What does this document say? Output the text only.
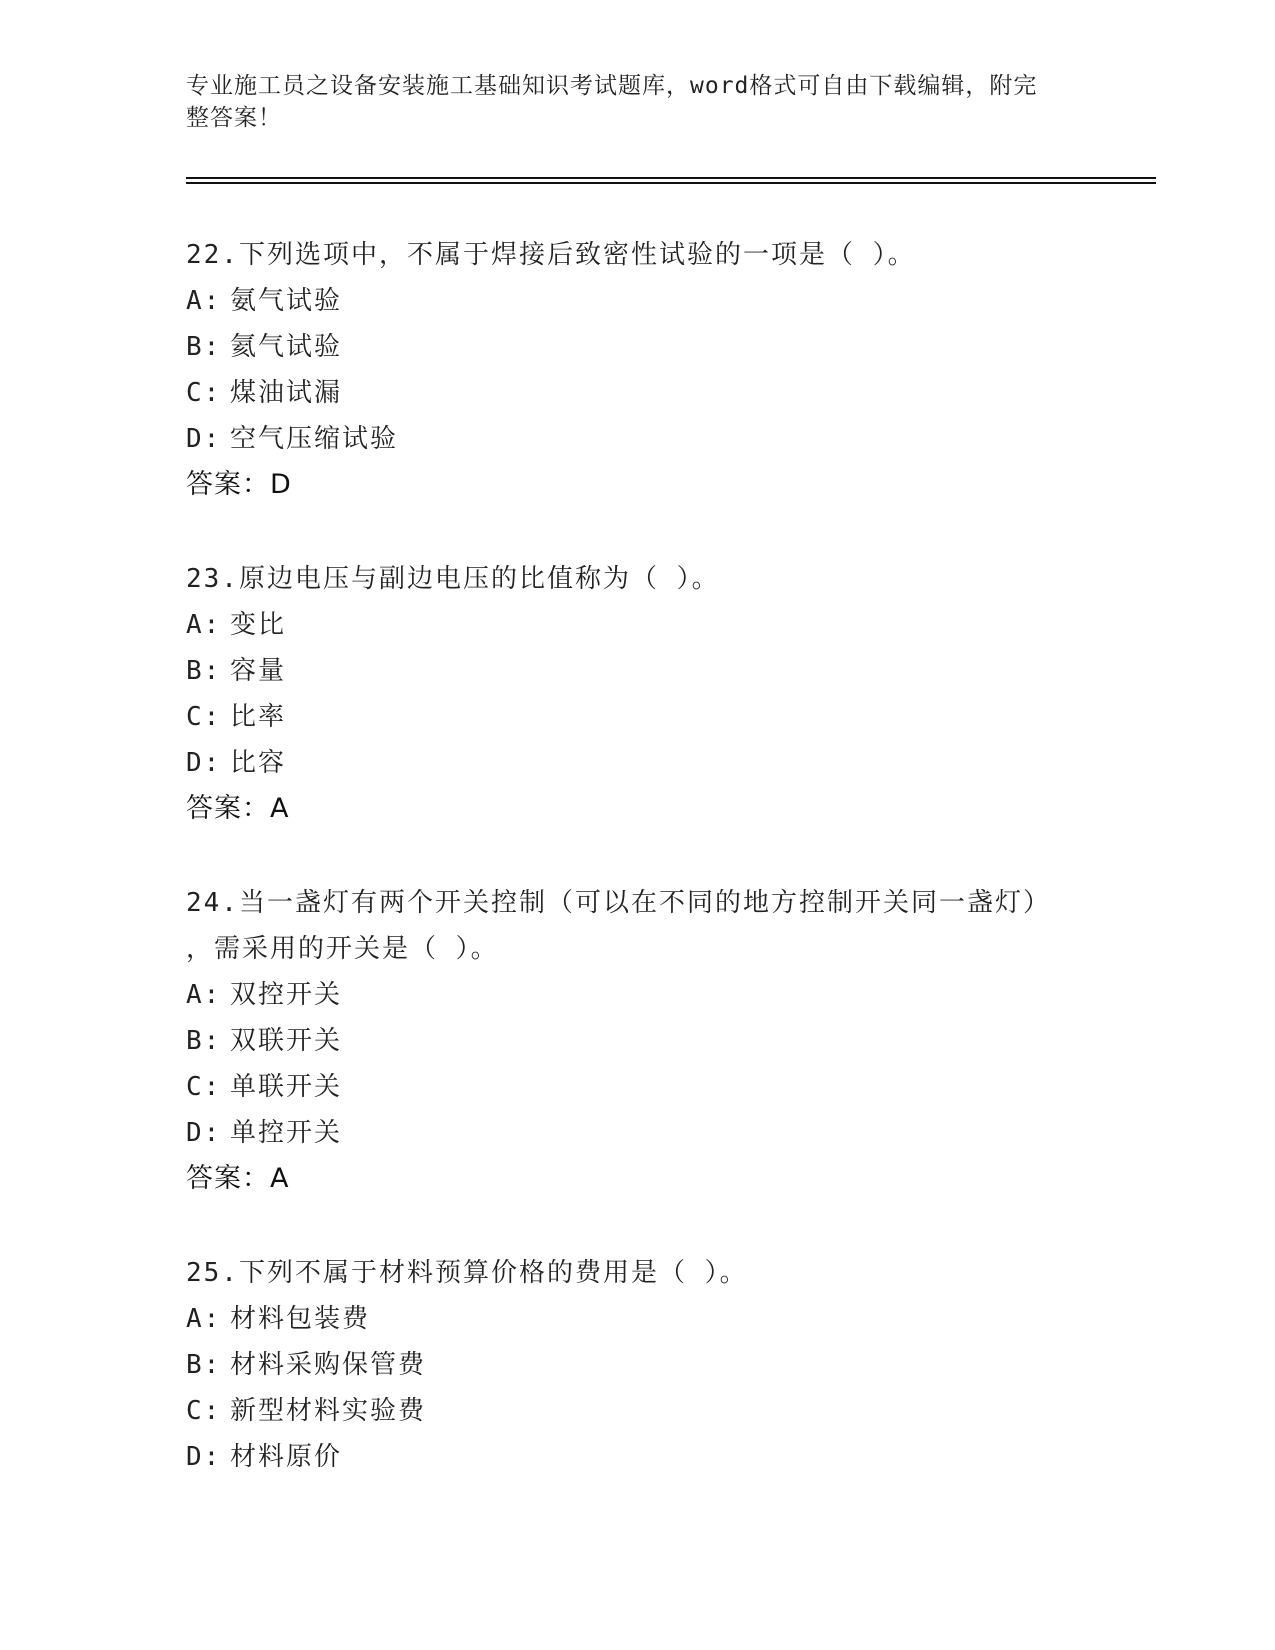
专业施工员之设备安装施工基础知识考试题库，word格式可自由下载编辑，附完
整答案！
22.下列选项中，不属于焊接后致密性试验的一项是（ ）。
A: 氨气试验
B: 氦气试验
C: 煤油试漏
D: 空气压缩试验
答案：D
23.原边电压与副边电压的比值称为（ ）。
A: 变比
B: 容量
C: 比率
D: 比容
答案：A
24.当一盏灯有两个开关控制（可以在不同的地方控制开关同一盏灯）
，需采用的开关是（ ）。
A: 双控开关
B: 双联开关
C: 单联开关
D: 单控开关
答案：A
25.下列不属于材料预算价格的费用是（ ）。
A: 材料包装费
B: 材料采购保管费
C: 新型材料实验费
D: 材料原价
